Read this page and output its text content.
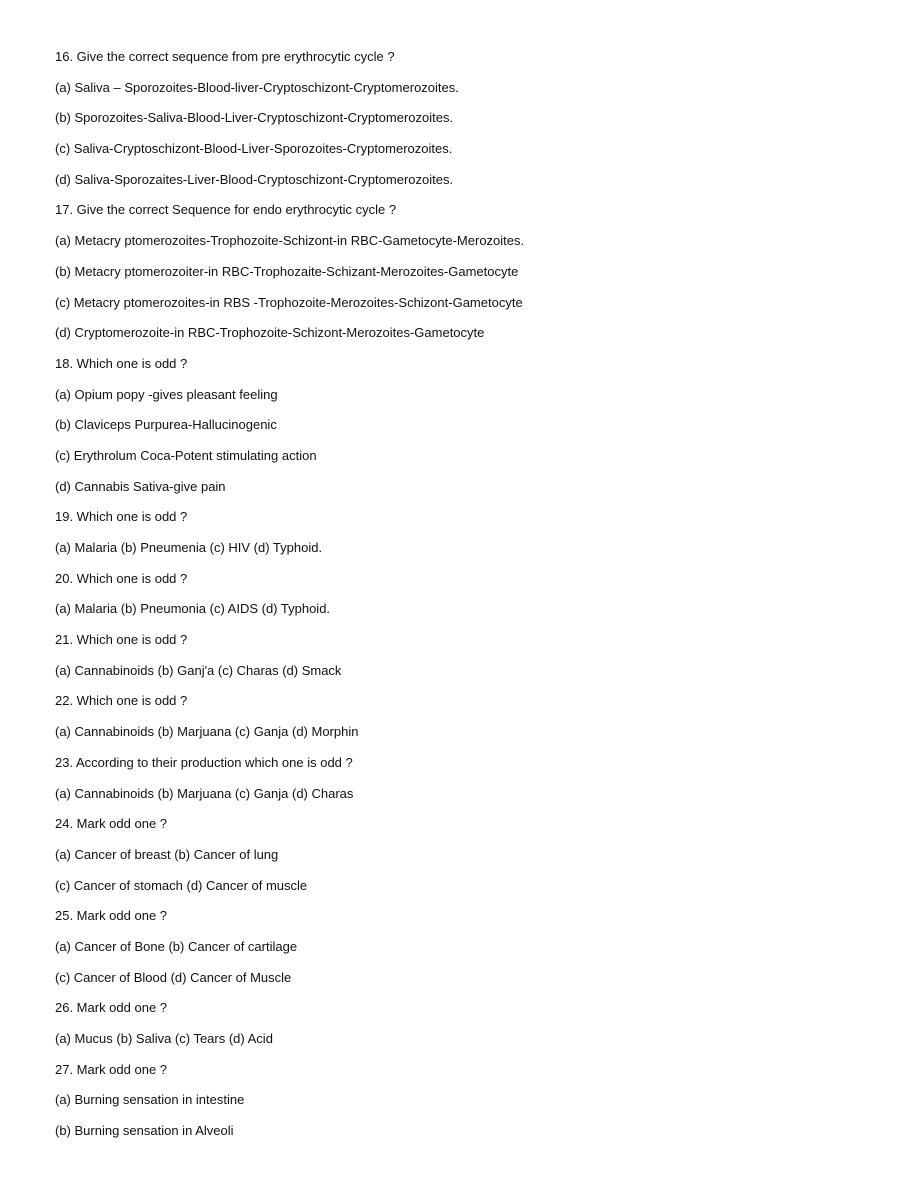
16. Give the correct sequence from pre erythrocytic cycle ?
(a) Saliva – Sporozoites-Blood-liver-Cryptoschizont-Cryptomerozoites.
(b) Sporozoites-Saliva-Blood-Liver-Cryptoschizont-Cryptomerozoites.
(c) Saliva-Cryptoschizont-Blood-Liver-Sporozoites-Cryptomerozoites.
(d) Saliva-Sporozaites-Liver-Blood-Cryptoschizont-Cryptomerozoites.
17. Give the correct Sequence for endo erythrocytic cycle ?
(a) Metacry ptomerozoites-Trophozoite-Schizont-in RBC-Gametocyte-Merozoites.
(b) Metacry ptomerozoiter-in RBC-Trophozaite-Schizant-Merozoites-Gametocyte
(c) Metacry ptomerozoites-in RBS -Trophozoite-Merozoites-Schizont-Gametocyte
(d) Cryptomerozoite-in RBC-Trophozoite-Schizont-Merozoites-Gametocyte
18. Which one is odd ?
(a) Opium popy -gives pleasant feeling
(b) Claviceps Purpurea-Hallucinogenic
(c) Erythrolum Coca-Potent stimulating action
(d) Cannabis Sativa-give pain
19. Which one is odd ?
(a) Malaria (b) Pneumenia (c) HIV (d) Typhoid.
20. Which one is odd ?
(a) Malaria (b) Pneumonia (c) AIDS (d) Typhoid.
21. Which one is odd ?
(a) Cannabinoids (b) Ganj'a (c) Charas (d) Smack
22. Which one is odd ?
(a) Cannabinoids (b) Marjuana (c) Ganja (d) Morphin
23. According to their production which one is odd ?
(a) Cannabinoids (b) Marjuana (c) Ganja (d) Charas
24. Mark odd one ?
(a) Cancer of breast (b) Cancer of lung
(c) Cancer of stomach (d) Cancer of muscle
25. Mark odd one ?
(a) Cancer of Bone (b) Cancer of cartilage
(c) Cancer of Blood (d) Cancer of Muscle
26. Mark odd one ?
(a) Mucus (b) Saliva (c) Tears (d) Acid
27. Mark odd one ?
(a) Burning sensation in intestine
(b) Burning sensation in Alveoli
